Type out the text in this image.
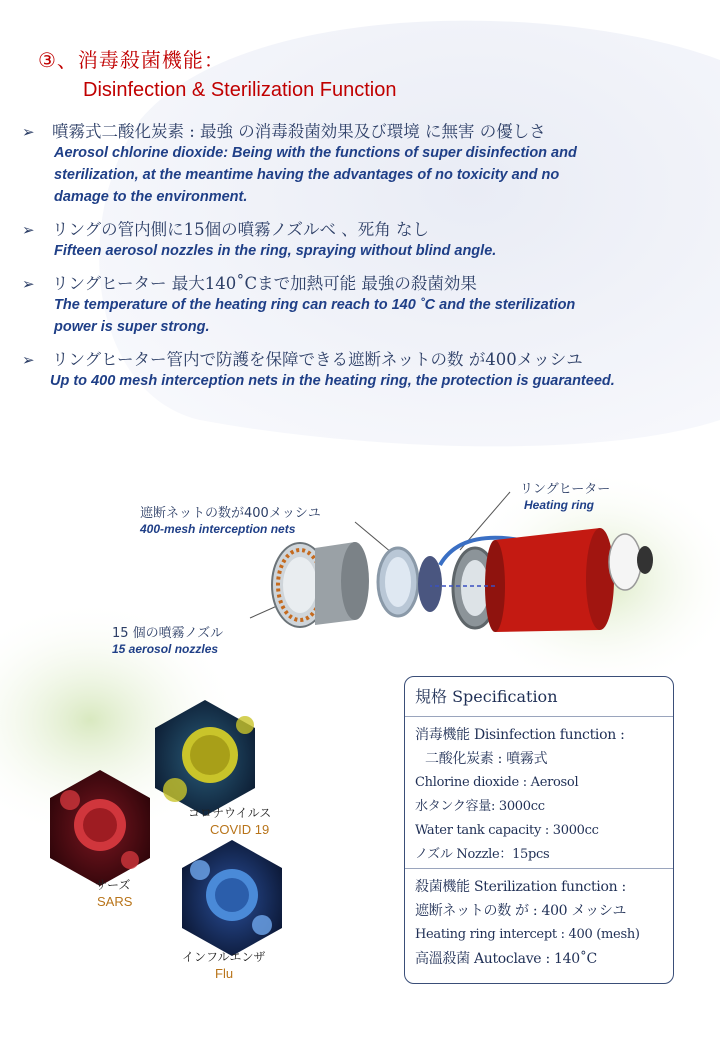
③、消毒殺菌機能：
Disinfection & Sterilization Function
➢	噴霧式二酸化炭素 : 最強 の消毒殺菌効果及び環境 に無害 の優しさ
Aerosol chlorine dioxide: Being with the functions of super disinfection and
sterilization, at the meantime having the advantages of no toxicity and no
damage to the environment.
➢	リングの管内側に15個の噴霧ノズルベ 、死角 なし
Fifteen aerosol nozzles in the ring, spraying without blind angle.
➢	リングヒーター 最大140˚Cまで加熱可能 最強の殺菌効果
The temperature of the heating ring can reach to 140 ˚C and the sterilization
power is super strong.
➢	リングヒーター管内で防護を保障できる遮断ネットの数 が400メッシユ
Up to 400 mesh interception nets in the heating ring, the protection is guaranteed.
遮断ネットの数が400メッシユ
400-mesh interception nets
リングヒーター
Heating ring
15 個の噴霧ノズル
15 aerosol nozzles
コロナウイルス
COVID 19
サーズ
SARS
インフルエンザ
Flu
規格 Specification
消毒機能 Disinfection function :
二酸化炭素 : 噴霧式
Chlorine dioxide : Aerosol
水タンク容量: 3000cc
Water tank capacity : 3000cc
ノズル Nozzle：15pcs
殺菌機能 Sterilization function :
遮断ネットの数 が : 400 メッシユ
Heating ring intercept : 400 (mesh)
高溫殺菌 Autoclave : 140˚C
